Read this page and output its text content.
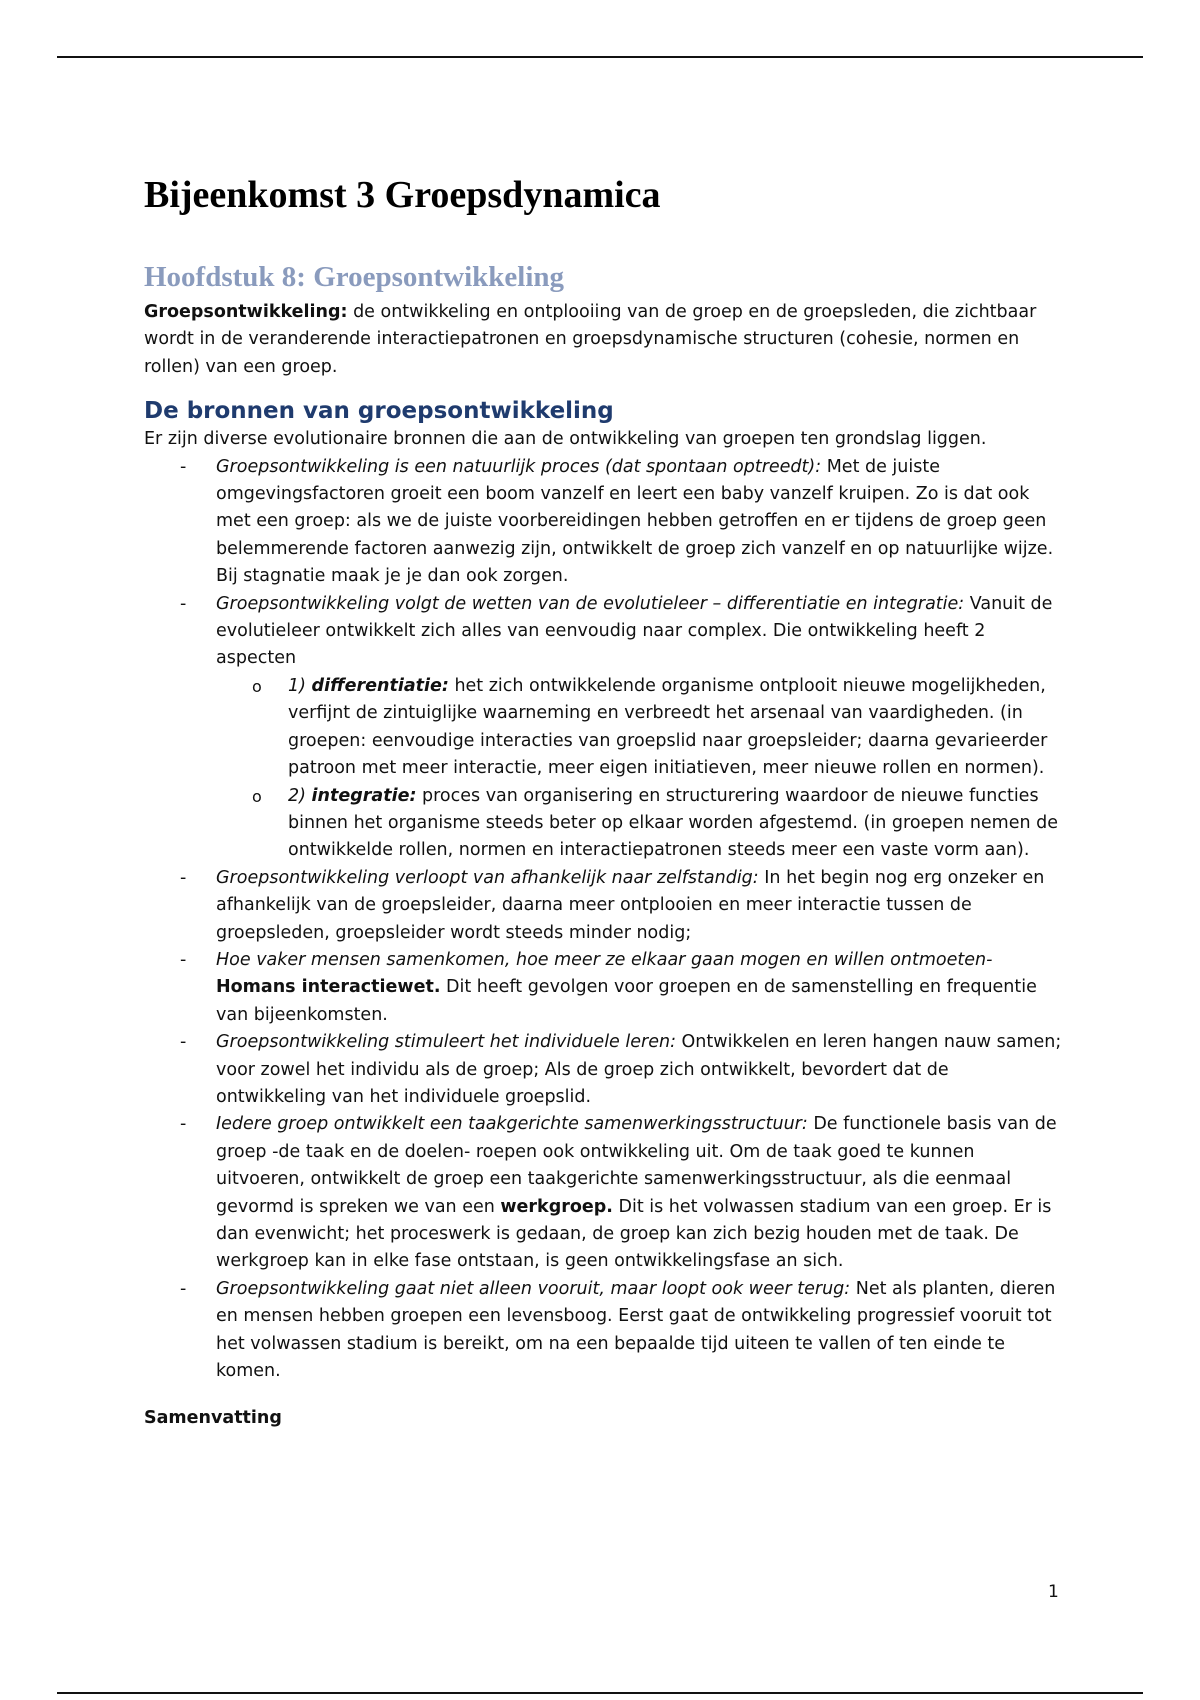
Bijeenkomst 3 Groepsdynamica
Hoofdstuk 8: Groepsontwikkeling

Groepsontwikkeling: de ontwikkeling en ontplooiing van de groep en de groepsleden, die zichtbaar wordt in de veranderende interactiepatronen en groepsdynamische structuren (cohesie, normen en rollen) van een groep.

De bronnen van groepsontwikkeling

Er zijn diverse evolutionaire bronnen die aan de ontwikkeling van groepen ten grondslag liggen.

- Groepsontwikkeling is een natuurlijk proces (dat spontaan optreedt): Met de juiste omgevingsfactoren groeit een boom vanzelf en leert een baby vanzelf kruipen. Zo is dat ook met een groep: als we de juiste voorbereidingen hebben getroffen en er tijdens de groep geen belemmerende factoren aanwezig zijn, ontwikkelt de groep zich vanzelf en op natuurlijke wijze. Bij stagnatie maak je je dan ook zorgen.
- Groepsontwikkeling volgt de wetten van de evolutieleer – differentiatie en integratie: Vanuit de evolutieleer ontwikkelt zich alles van eenvoudig naar complex. Die ontwikkeling heeft 2 aspecten
o 1) differentiatie: het zich ontwikkelende organisme ontplooit nieuwe mogelijkheden, verfijnt de zintuiglijke waarneming en verbreedt het arsenaal van vaardigheden. (in groepen: eenvoudige interacties van groepslid naar groepsleider; daarna gevarieerder patroon met meer interactie, meer eigen initiatieven, meer nieuwe rollen en normen).
o 2) integratie: proces van organisering en structurering waardoor de nieuwe functies binnen het organisme steeds beter op elkaar worden afgestemd. (in groepen nemen de ontwikkelde rollen, normen en interactiepatronen steeds meer een vaste vorm aan).
- Groepsontwikkeling verloopt van afhankelijk naar zelfstandig: In het begin nog erg onzeker en afhankelijk van de groepsleider, daarna meer ontplooien en meer interactie tussen de groepsleden, groepsleider wordt steeds minder nodig;
- Hoe vaker mensen samenkomen, hoe meer ze elkaar gaan mogen en willen ontmoeten- Homans interactiewet. Dit heeft gevolgen voor groepen en de samenstelling en frequentie van bijeenkomsten.
- Groepsontwikkeling stimuleert het individuele leren: Ontwikkelen en leren hangen nauw samen; voor zowel het individu als de groep; Als de groep zich ontwikkelt, bevordert dat de ontwikkeling van het individuele groepslid.
- Iedere groep ontwikkelt een taakgerichte samenwerkingsstructuur: De functionele basis van de groep -de taak en de doelen- roepen ook ontwikkeling uit. Om de taak goed te kunnen uitvoeren, ontwikkelt de groep een taakgerichte samenwerkingsstructuur, als die eenmaal gevormd is spreken we van een werkgroep. Dit is het volwassen stadium van een groep. Er is dan evenwicht; het proceswerk is gedaan, de groep kan zich bezig houden met de taak. De werkgroep kan in elke fase ontstaan, is geen ontwikkelingsfase an sich.
- Groepsontwikkeling gaat niet alleen vooruit, maar loopt ook weer terug: Net als planten, dieren en mensen hebben groepen een levensboog. Eerst gaat de ontwikkeling progressief vooruit tot het volwassen stadium is bereikt, om na een bepaalde tijd uiteen te vallen of ten einde te komen.

Samenvatting

1
